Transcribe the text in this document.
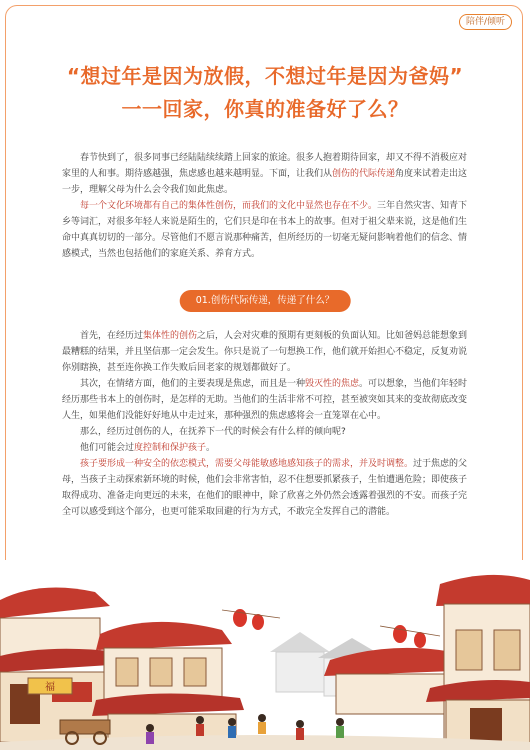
陪伴/倾听
“想过年是因为放假，不想过年是因为爸妈”
一一回家，你真的准备好了么？

春节快到了，很多同事已经陆陆续续踏上回家的旅途。很多人抱着期待回家，却又不得不消极应对家里的人和事。期待感越强，焦虑感也越来越明显。下面，让我们从创伤的代际传递角度来试着走出这一步，理解父母为什么会令我们如此焦虑。

每一个文化环境都有自己的集体性创伤，而我们的文化中显然也存在不少。三年自然灾害、知青下乡等词汇，对很多年轻人来说是陌生的，它们只是印在书本上的故事。但对于祖父辈来说，这是他们生命中真真切切的一部分。尽管他们不愿言说那种痛苦，但所经历的一切毫无疑问影响着他们的信念、情感模式，当然也包括他们的家庭关系、养育方式。

01.创伤代际传递，传递了什么？

首先，在经历过集体性的创伤之后，人会对灾难的预期有更刻板的负面认知。比如爸妈总能想象到最糟糕的结果，并且坚信那一定会发生。你只是说了一句想换工作，他们就开始担心不稳定，反复劝说你别瞎换，甚至连你换工作失败后回老家的规划都做好了。

其次，在情绪方面，他们的主要表现是焦虑，而且是一种毁灭性的焦虑。可以想象，当他们年轻时经历那些书本上的创伤时，是怎样的无助。当他们的生活非常不可控，甚至被突如其来的变故彻底改变人生，如果他们没能好好地从中走过来，那种强烈的焦虑感将会一直笼罩在心中。

那么，经历过创伤的人，在抚养下一代的时候会有什么样的倾向呢?

他们可能会过度控制和保护孩子。

孩子要形成一种安全的依恋模式，需要父母能敏感地感知孩子的需求，并及时调整。过于焦虑的父母，当孩子主动探索新环境的时候，他们会非常害怕，忍不住想要抓紧孩子，生怕遭遇危险；即使孩子取得成功、准备走向更远的未来，在他们的眼神中，除了欣喜之外仍然会透露着强烈的不安。而孩子完全可以感受到这个部分，也更可能采取回避的行为方式，不敢完全发挥自己的潜能。

福
